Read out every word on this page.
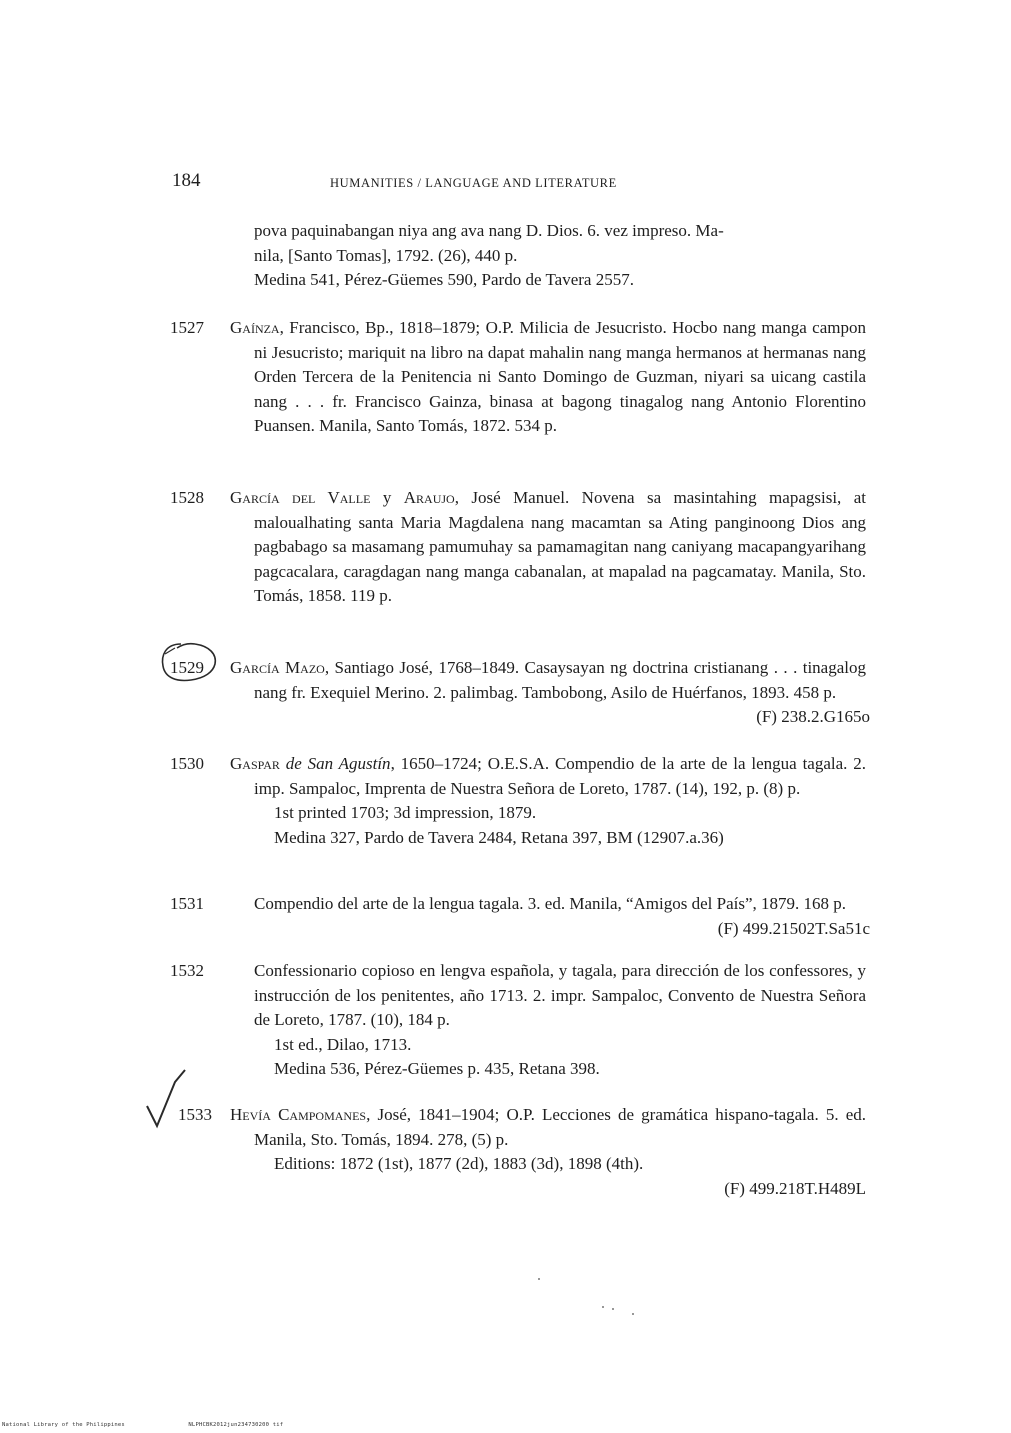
184	HUMANITIES / LANGUAGE AND LITERATURE
pova paquinabangan niya ang ava nang D. Dios. 6. vez impreso. Ma-
nila, [Santo Tomas], 1792. (26), 440 p.
Medina 541, Pérez-Güemes 590, Pardo de Tavera 2557.
1527	Gaínza, Francisco, Bp., 1818–1879; O.P. Milicia de Jesucristo. Hocbo nang manga campon ni Jesucristo; mariquit na libro na dapat mahalin nang manga hermanos at hermanas nang Orden Tercera de la Penitencia ni Santo Domingo de Guzman, niyari sa uicang castila nang . . . fr. Francisco Gainza, binasa at bagong tinagalog nang Antonio Florentino Puansen. Manila, Santo Tomás, 1872. 534 p.
1528	García del Valle y Araujo, José Manuel. Novena sa masintahing mapagsisi, at maloualhating santa Maria Magdalena nang macamtan sa Ating panginoong Dios ang pagbabago sa masamang pamumuhay sa pamamagitan nang caniyang macapangyarihang pagcacalara, caragdagan nang manga cabanalan, at mapalad na pagcamatay. Manila, Sto. Tomás, 1858. 119 p.
1529	García Mazo, Santiago José, 1768–1849. Casaysayan ng doctrina cristianang . . . tinagalog nang fr. Exequiel Merino. 2. palimbag. Tambobong, Asilo de Huérfanos, 1893. 458 p.
(F) 238.2.G165o
1530	Gaspar de San Agustín, 1650–1724; O.E.S.A. Compendio de la arte de la lengua tagala. 2. imp. Sampaloc, Imprenta de Nuestra Señora de Loreto, 1787. (14), 192, p. (8) p.
1st printed 1703; 3d impression, 1879.
Medina 327, Pardo de Tavera 2484, Retana 397, BM (12907.a.36)
1531	Compendio del arte de la lengua tagala. 3. ed. Manila, “Amigos del País”, 1879. 168 p.
(F) 499.21502T.Sa51c
1532	Confessionario copioso en lengva española, y tagala, para dirección de los confessores, y instrucción de los penitentes, año 1713. 2. impr. Sampaloc, Convento de Nuestra Señora de Loreto, 1787. (10), 184 p.
1st ed., Dilao, 1713.
Medina 536, Pérez-Güemes p. 435, Retana 398.
1533	Hevía Campomanes, José, 1841–1904; O.P. Lecciones de gramática hispano-tagala. 5. ed. Manila, Sto. Tomás, 1894. 278, (5) p.
Editions: 1872 (1st), 1877 (2d), 1883 (3d), 1898 (4th).
(F) 499.218T.H489L
National Library of the Philippines	NLPHCBK2012jun234730200 tif
